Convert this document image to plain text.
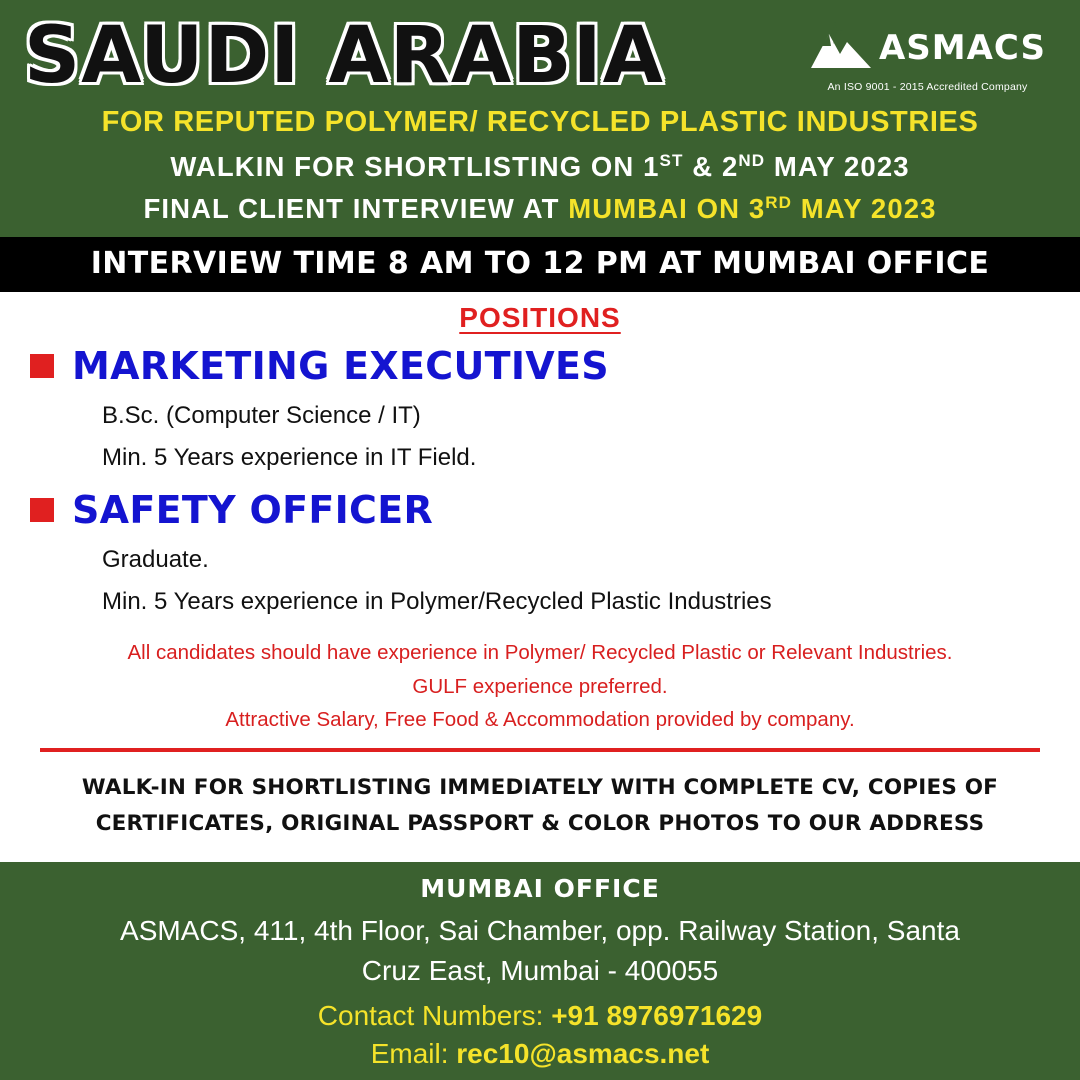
SAUDI ARABIA	ASMACS
An ISO 9001 - 2015 Accredited Company
FOR REPUTED POLYMER/ RECYCLED PLASTIC INDUSTRIES
WALKIN FOR SHORTLISTING ON 1ST & 2ND MAY 2023
FINAL CLIENT INTERVIEW AT MUMBAI ON 3RD MAY 2023
INTERVIEW TIME 8 AM TO 12 PM AT MUMBAI OFFICE
POSITIONS
MARKETING EXECUTIVES
B.Sc. (Computer Science / IT)
Min. 5 Years experience in IT Field.
SAFETY OFFICER
Graduate.
Min. 5 Years experience in Polymer/Recycled Plastic Industries
All candidates should have experience in Polymer/ Recycled Plastic or Relevant Industries.
GULF experience preferred.
Attractive Salary, Free Food & Accommodation provided by company.
WALK-IN FOR SHORTLISTING IMMEDIATELY WITH COMPLETE CV, COPIES OF
CERTIFICATES, ORIGINAL PASSPORT & COLOR PHOTOS TO OUR ADDRESS
MUMBAI OFFICE
ASMACS, 411, 4th Floor, Sai Chamber, opp. Railway Station, Santa
Cruz East, Mumbai - 400055
Contact Numbers: +91 8976971629
Email: rec10@asmacs.net
